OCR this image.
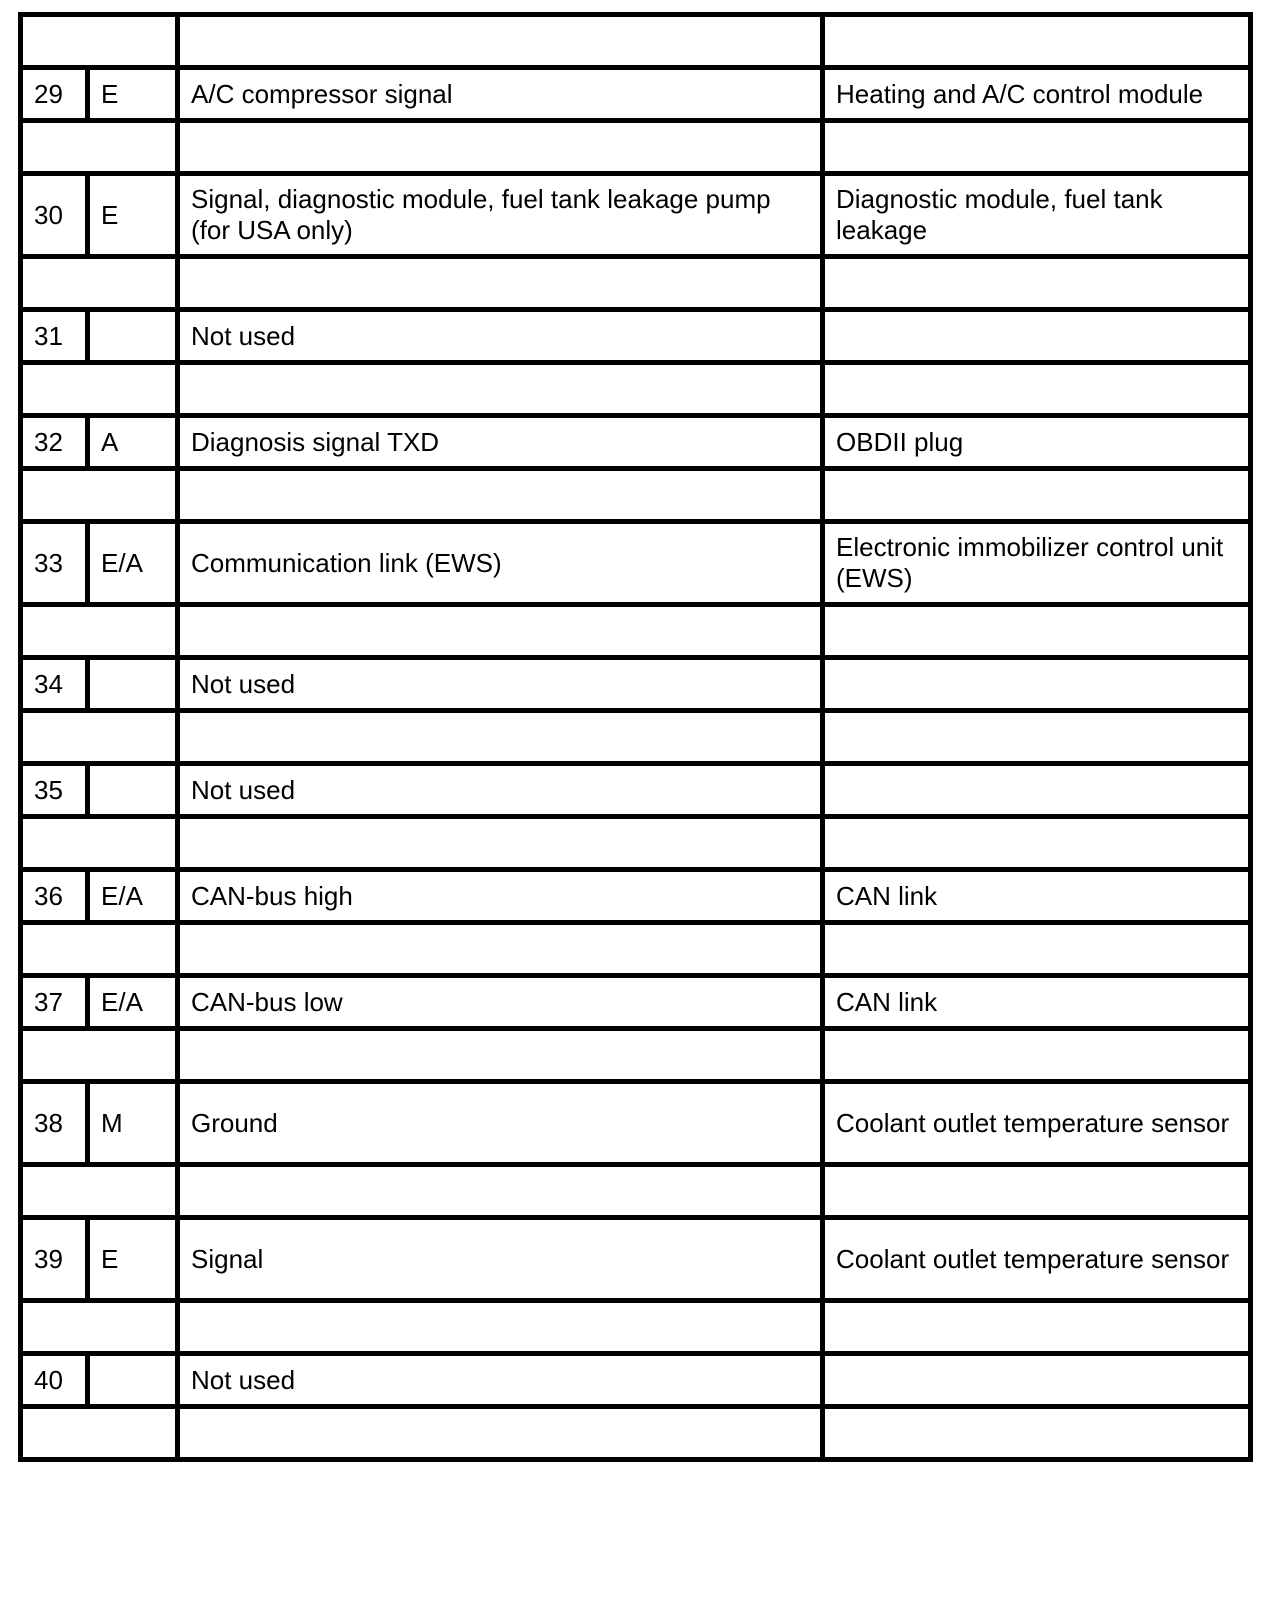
29	E	A/C compressor signal	Heating and A/C control module

30	E	Signal, diagnostic module, fuel tank leakage pump (for USA only)	Diagnostic module, fuel tank leakage

31		Not used	

32	A	Diagnosis signal TXD	OBDII plug

33	E/A	Communication link (EWS)	Electronic immobilizer control unit (EWS)

34		Not used	

35		Not used	

36	E/A	CAN-bus high	CAN link

37	E/A	CAN-bus low	CAN link

38	M	Ground	Coolant outlet temperature sensor

39	E	Signal	Coolant outlet temperature sensor

40		Not used	
